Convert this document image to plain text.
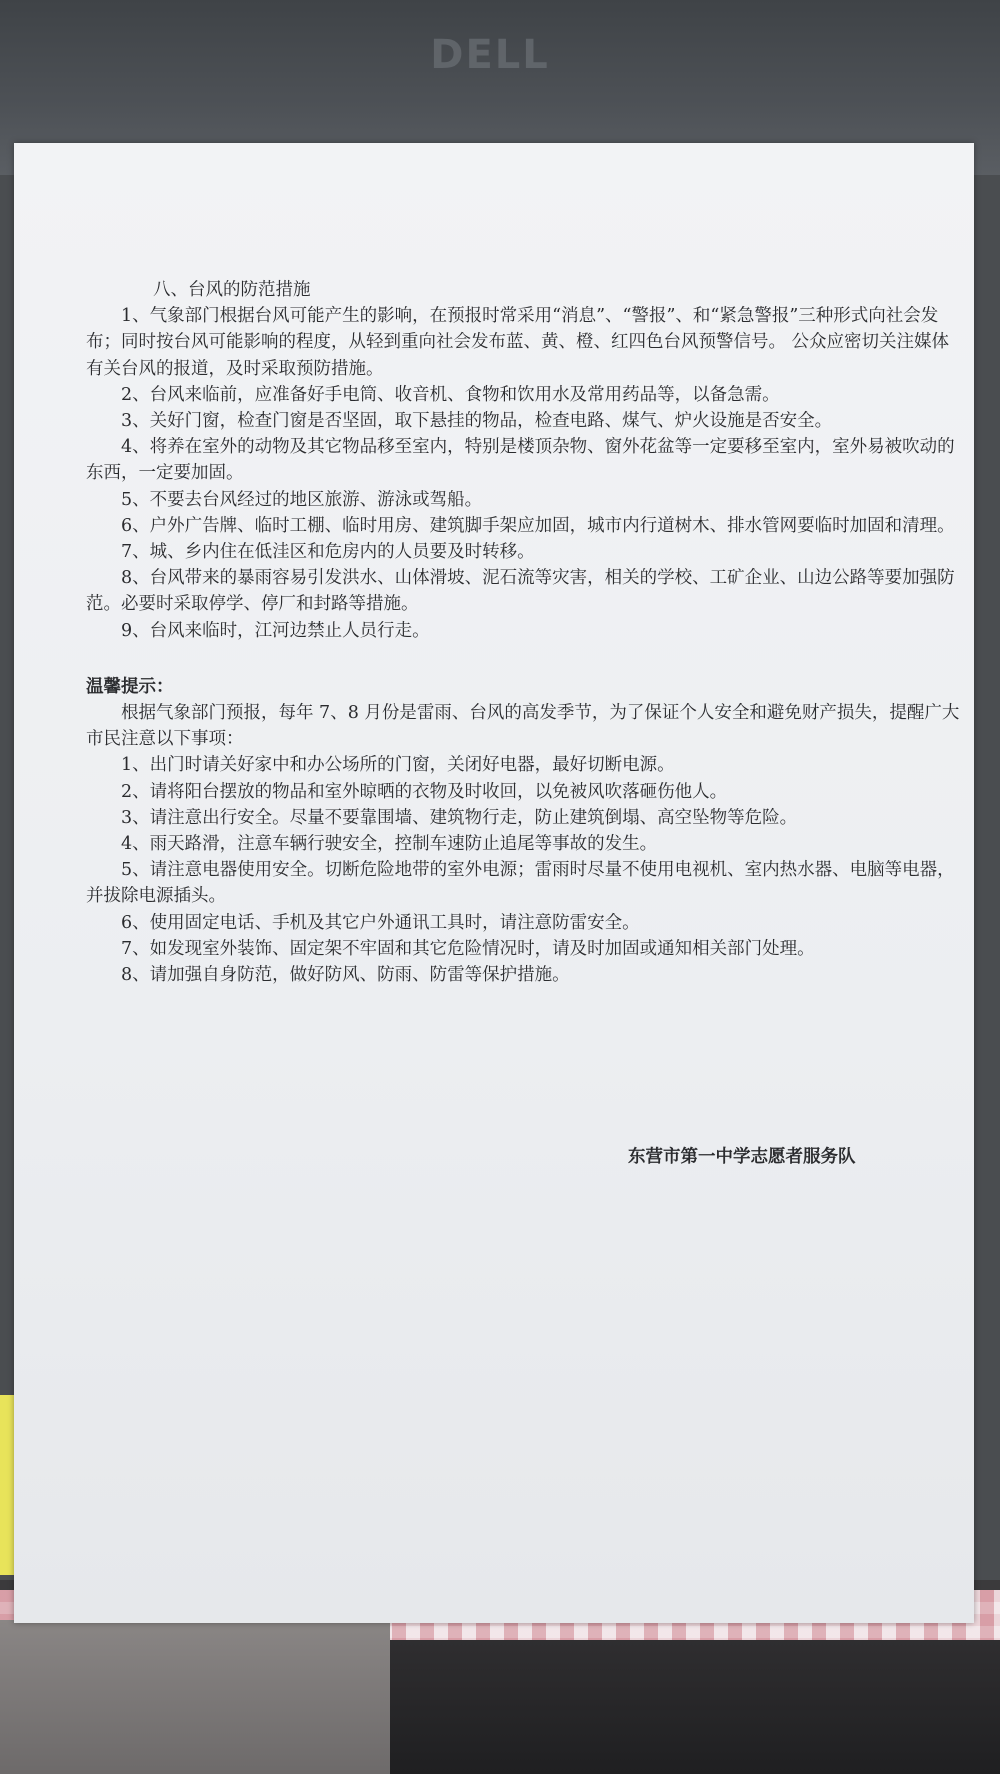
DELL

八、台风的防范措施

1、气象部门根据台风可能产生的影响，在预报时常采用“消息”、“警报”、和“紧急警报”三种形式向社会发布；同时按台风可能影响的程度，从轻到重向社会发布蓝、黄、橙、红四色台风预警信号。 公众应密切关注媒体有关台风的报道，及时采取预防措施。

2、台风来临前，应准备好手电筒、收音机、食物和饮用水及常用药品等，以备急需。

3、关好门窗，检查门窗是否坚固，取下悬挂的物品，检查电路、煤气、炉火设施是否安全。

4、将养在室外的动物及其它物品移至室内，特别是楼顶杂物、窗外花盆等一定要移至室内，室外易被吹动的东西，一定要加固。

5、不要去台风经过的地区旅游、游泳或驾船。

6、户外广告牌、临时工棚、临时用房、建筑脚手架应加固，城市内行道树木、排水管网要临时加固和清理。

7、城、乡内住在低洼区和危房内的人员要及时转移。

8、台风带来的暴雨容易引发洪水、山体滑坡、泥石流等灾害，相关的学校、工矿企业、山边公路等要加强防范。必要时采取停学、停厂和封路等措施。

9、台风来临时，江河边禁止人员行走。

温馨提示：

根据气象部门预报，每年 7、8 月份是雷雨、台风的高发季节，为了保证个人安全和避免财产损失，提醒广大市民注意以下事项：

1、出门时请关好家中和办公场所的门窗，关闭好电器，最好切断电源。

2、请将阳台摆放的物品和室外晾晒的衣物及时收回，以免被风吹落砸伤他人。

3、请注意出行安全。尽量不要靠围墙、建筑物行走，防止建筑倒塌、高空坠物等危险。

4、雨天路滑，注意车辆行驶安全，控制车速防止追尾等事故的发生。

5、请注意电器使用安全。切断危险地带的室外电源；雷雨时尽量不使用电视机、室内热水器、电脑等电器，并拔除电源插头。

6、使用固定电话、手机及其它户外通讯工具时，请注意防雷安全。

7、如发现室外装饰、固定架不牢固和其它危险情况时，请及时加固或通知相关部门处理。

8、请加强自身防范，做好防风、防雨、防雷等保护措施。

东营市第一中学志愿者服务队
